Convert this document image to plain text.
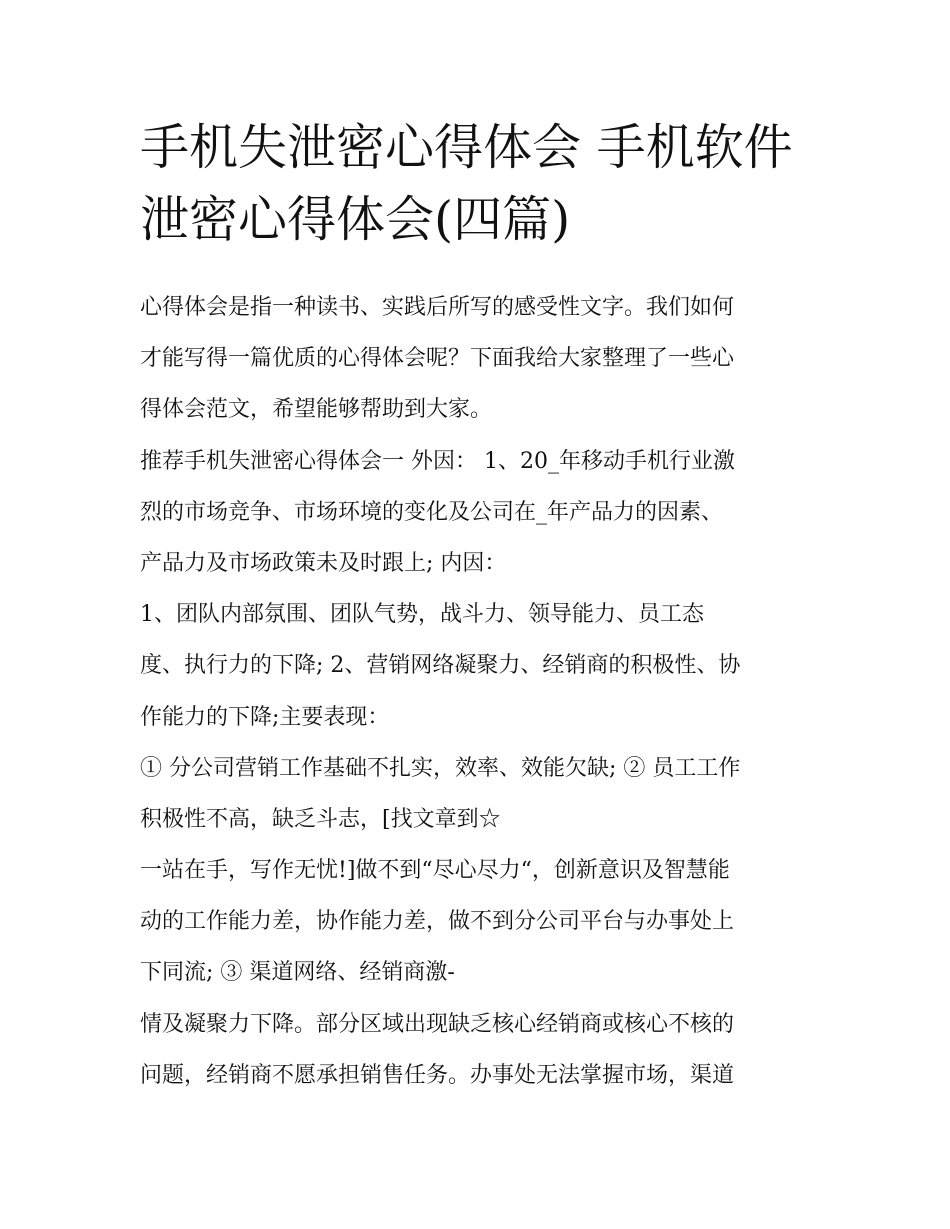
手机失泄密心得体会 手机软件
泄密心得体会(四篇)
心得体会是指一种读书、实践后所写的感受性文字。我们如何
才能写得一篇优质的心得体会呢？下面我给大家整理了一些心
得体会范文，希望能够帮助到大家。
推荐手机失泄密心得体会一 外因： 1、20_年移动手机行业激
烈的市场竞争、市场环境的变化及公司在_年产品力的因素、
产品力及市场政策未及时跟上; 内因：
1、团队内部氛围、团队气势，战斗力、领导能力、员工态
度、执行力的下降; 2、营销网络凝聚力、经销商的积极性、协
作能力的下降;主要表现：
① 分公司营销工作基础不扎实，效率、效能欠缺; ② 员工工作
积极性不高，缺乏斗志，[找文章到☆
一站在手，写作无忧!]做不到“尽心尽力“，创新意识及智慧能
动的工作能力差，协作能力差，做不到分公司平台与办事处上
下同流; ③ 渠道网络、经销商激-
情及凝聚力下降。部分区域出现缺乏核心经销商或核心不核的
问题，经销商不愿承担销售任务。办事处无法掌握市场，渠道
